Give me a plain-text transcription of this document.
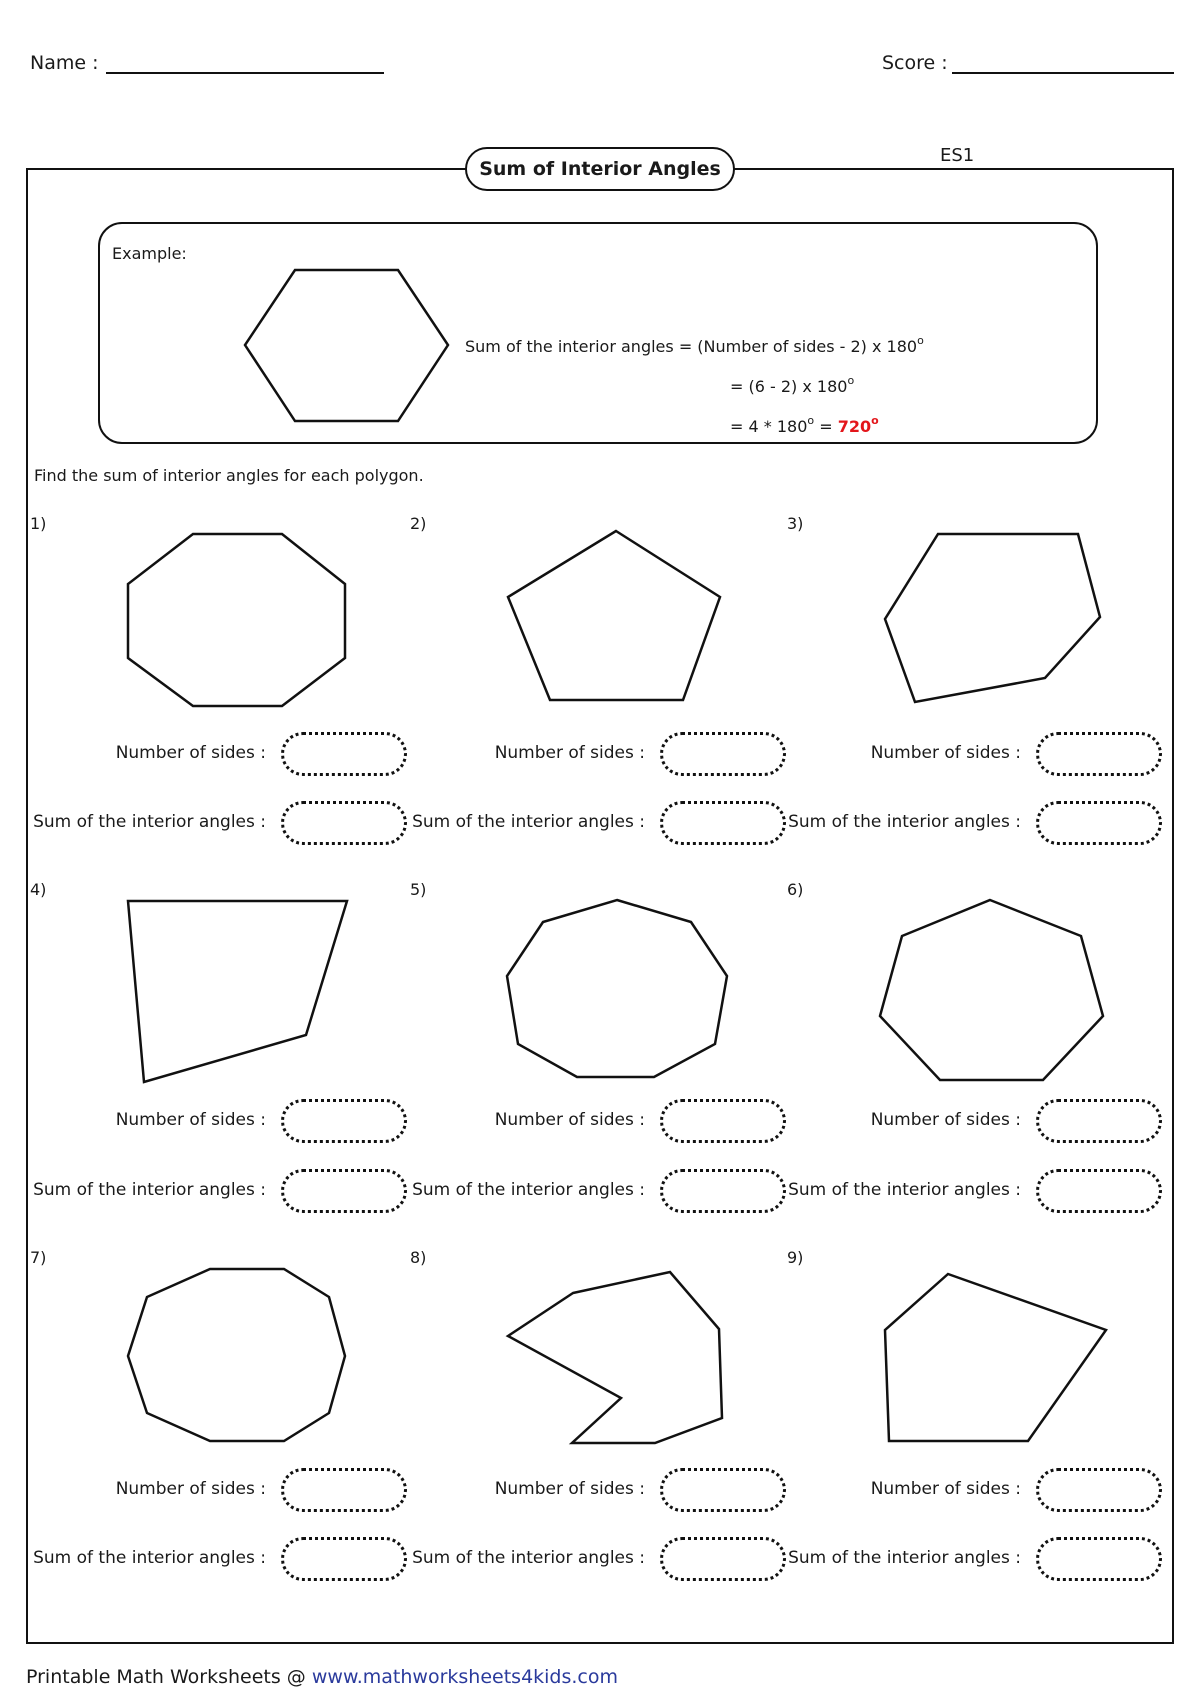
Name :	Score :
Sum of Interior Angles
ES1
Example:
Sum of the interior angles = (Number of sides - 2) x $180^o$
= (6 - 2) x $180^o$
= $4 * 180^o = 720^o$
Find the sum of interior angles for each polygon.
1)	2)	3)
4)	5)	6)
7)	8)	9)
Number of sides :
Sum of the interior angles :
Number of sides :
Sum of the interior angles :
Number of sides :
Sum of the interior angles :
Number of sides :
Sum of the interior angles :
Number of sides :
Sum of the interior angles :
Number of sides :
Sum of the interior angles :
Number of sides :
Sum of the interior angles :
Number of sides :
Sum of the interior angles :
Number of sides :
Sum of the interior angles :
Printable Math Worksheets @ www.mathworksheets4kids.com
